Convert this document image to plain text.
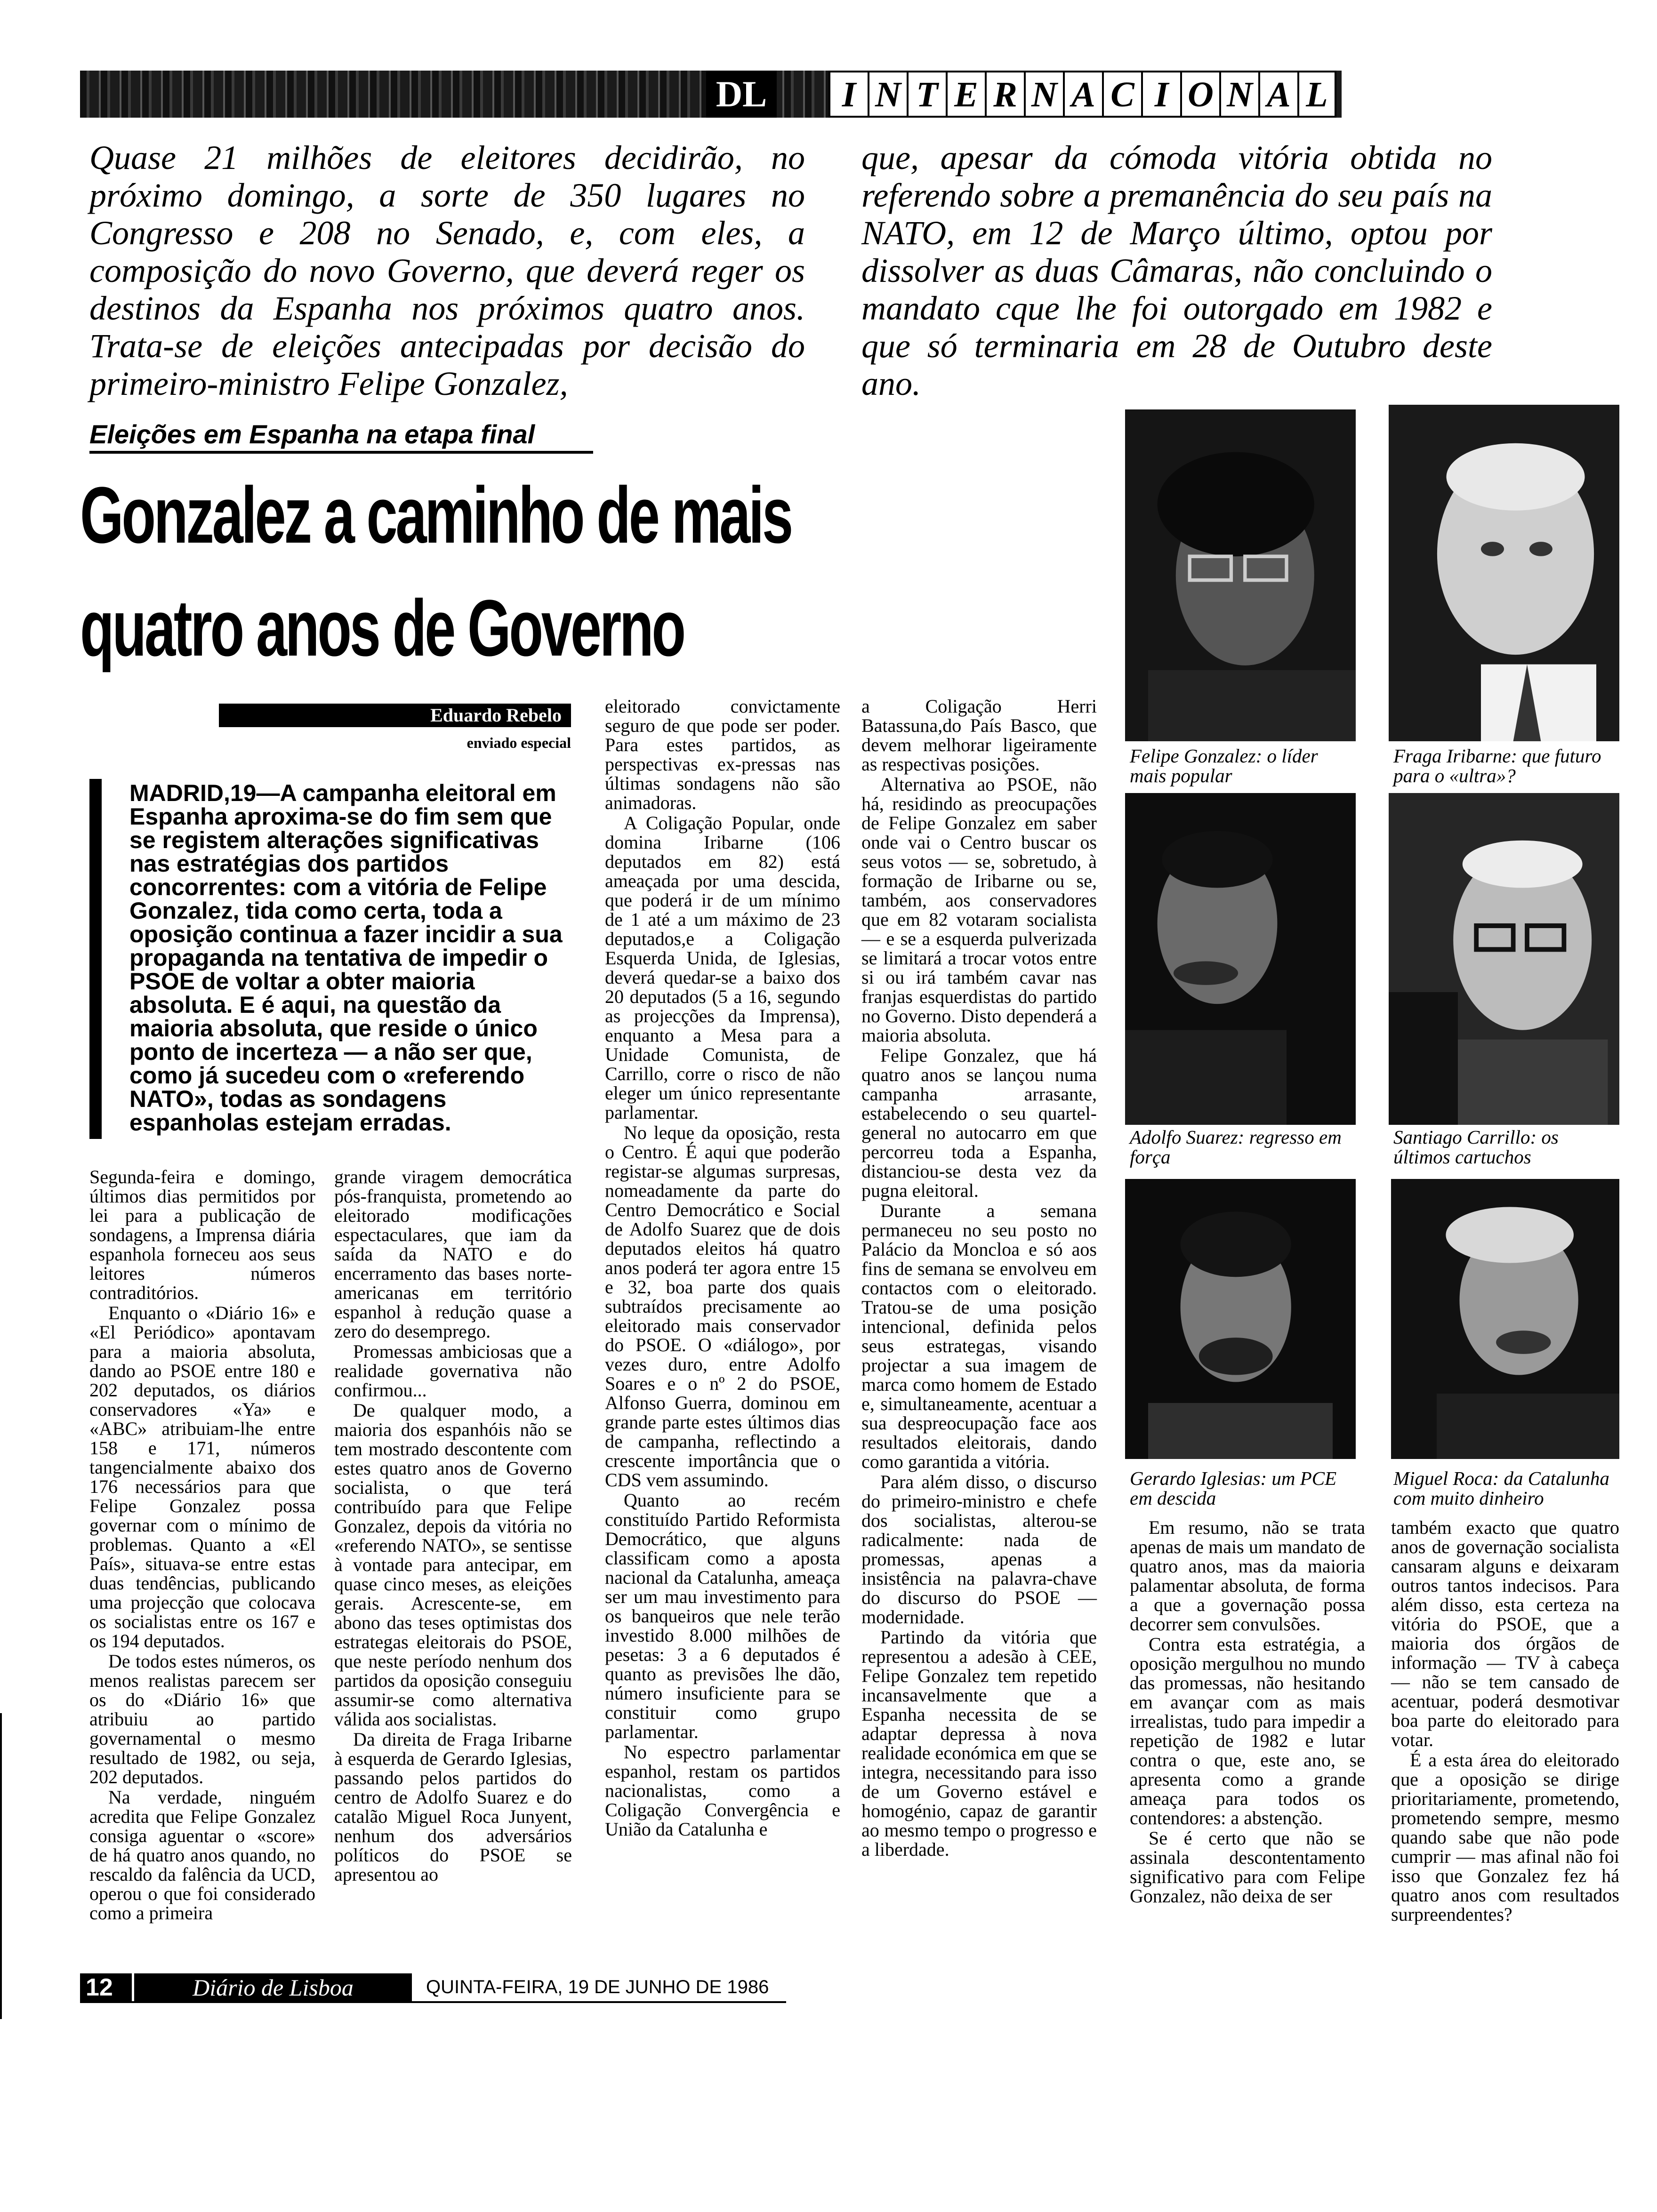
DL	I N T E R N A C I O N A L
Quase 21 milhões de eleitores decidirão, no próximo domingo, a sorte de 350 lugares no Congresso e 208 no Senado, e, com eles, a composição do novo Governo, que deverá reger os destinos da Espanha nos próximos quatro anos. Trata-se de eleições antecipadas por decisão do primeiro-ministro Felipe Gonzalez,
que, apesar da cómoda vitória obtida no referendo sobre a premanência do seu país na NATO, em 12 de Março último, optou por dissolver as duas Câmaras, não concluindo o mandato cque lhe foi outorgado em 1982 e que só terminaria em 28 de Outubro deste ano.
Eleições em Espanha na etapa final
Gonzalez a caminho de mais
quatro anos de Governo
Eduardo Rebelo
enviado especial
MADRID,19—A campanha eleitoral em Espanha aproxima-se do fim sem que se registem alterações significativas nas estratégias dos partidos concorrentes: com a vitória de Felipe Gonzalez, tida como certa, toda a oposição continua a fazer incidir a sua propaganda na tentativa de impedir o PSOE de voltar a obter maioria absoluta. E é aqui, na questão da maioria absoluta, que reside o único ponto de incerteza — a não ser que, como já sucedeu com o «referendo NATO», todas as sondagens espanholas estejam erradas.

Segunda-feira e domingo, últimos dias permitidos por lei para a publicação de sondagens, a Imprensa diária espanhola forneceu aos seus leitores números contraditórios.

Enquanto o «Diário 16» e «El Periódico» apontavam para a maioria absoluta, dando ao PSOE entre 180 e 202 deputados, os diários conservadores «Ya» e «ABC» atribuiam-lhe entre 158 e 171, números tangencialmente abaixo dos 176 necessários para que Felipe Gonzalez possa governar com o mínimo de problemas. Quanto a «El País», situava-se entre estas duas tendências, publicando uma projecção que colocava os socialistas entre os 167 e os 194 deputados.

De todos estes números, os menos realistas parecem ser os do «Diário 16» que atribuiu ao partido governamental o mesmo resultado de 1982, ou seja, 202 deputados.

Na verdade, ninguém acredita que Felipe Gonzalez consiga aguentar o «score» de há quatro anos quando, no rescaldo da falência da UCD, operou o que foi considerado como a primeira

grande viragem democrática pós-franquista, prometendo ao eleitorado modificações espectaculares, que iam da saída da NATO e do encerramento das bases norte-americanas em território espanhol à redução quase a zero do desemprego.

Promessas ambiciosas que a realidade governativa não confirmou...

De qualquer modo, a maioria dos espanhóis não se tem mostrado descontente com estes quatro anos de Governo socialista, o que terá contribuído para que Felipe Gonzalez, depois da vitória no «referendo NATO», se sentisse à vontade para antecipar, em quase cinco meses, as eleições gerais. Acrescente-se, em abono das teses optimistas dos estrategas eleitorais do PSOE, que neste período nenhum dos partidos da oposição conseguiu assumir-se como alternativa válida aos socialistas.

Da direita de Fraga Iribarne à esquerda de Gerardo Iglesias, passando pelos partidos do centro de Adolfo Suarez e do catalão Miguel Roca Junyent, nenhum dos adversários políticos do PSOE se apresentou ao

eleitorado convictamente seguro de que pode ser poder. Para estes partidos, as perspectivas ex-pressas nas últimas sondagens não são animadoras.

A Coligação Popular, onde domina Iribarne (106 deputados em 82) está ameaçada por uma descida, que poderá ir de um mínimo de 1 até a um máximo de 23 deputados,e a Coligação Esquerda Unida, de Iglesias, deverá quedar-se a baixo dos 20 deputados (5 a 16, segundo as projecções da Imprensa), enquanto a Mesa para a Unidade Comunista, de Carrillo, corre o risco de não eleger um único representante parlamentar.

No leque da oposição, resta o Centro. É aqui que poderão registar-se algumas surpresas, nomeadamente da parte do Centro Democrático e Social de Adolfo Suarez que de dois deputados eleitos há quatro anos poderá ter agora entre 15 e 32, boa parte dos quais subtraídos precisamente ao eleitorado mais conservador do PSOE. O «diálogo», por vezes duro, entre Adolfo Soares e o nº 2 do PSOE, Alfonso Guerra, dominou em grande parte estes últimos dias de campanha, reflectindo a crescente importância que o CDS vem assumindo.

Quanto ao recém constituído Partido Reformista Democrático, que alguns classificam como a aposta nacional da Catalunha, ameaça ser um mau investimento para os banqueiros que nele terão investido 8.000 milhões de pesetas: 3 a 6 deputados é quanto as previsões lhe dão, número insuficiente para se constituir como grupo parlamentar.

No espectro parlamentar espanhol, restam os partidos nacionalistas, como a Coligação Convergência e União da Catalunha e

a Coligação Herri Batassuna,do País Basco, que devem melhorar ligeiramente as respectivas posições.

Alternativa ao PSOE, não há, residindo as preocupações de Felipe Gonzalez em saber onde vai o Centro buscar os seus votos — se, sobretudo, à formação de Iribarne ou se, também, aos conservadores que em 82 votaram socialista — e se a esquerda pulverizada se limitará a trocar votos entre si ou irá também cavar nas franjas esquerdistas do partido no Governo. Disto dependerá a maioria absoluta.

Felipe Gonzalez, que há quatro anos se lançou numa campanha arrasante, estabelecendo o seu quartel-general no autocarro em que percorreu toda a Espanha, distanciou-se desta vez da pugna eleitoral.

Durante a semana permaneceu no seu posto no Palácio da Moncloa e só aos fins de semana se envolveu em contactos com o eleitorado. Tratou-se de uma posição intencional, definida pelos seus estrategas, visando projectar a sua imagem de marca como homem de Estado e, simultaneamente, acentuar a sua despreocupação face aos resultados eleitorais, dando como garantida a vitória.

Para além disso, o discurso do primeiro-ministro e chefe dos socialistas, alterou-se radicalmente: nada de promessas, apenas a insistência na palavra-chave do discurso do PSOE — modernidade.

Partindo da vitória que representou a adesão à CEE, Felipe Gonzalez tem repetido incansavelmente que a Espanha necessita de se adaptar depressa à nova realidade económica em que se integra, necessitando para isso de um Governo estável e homogénio, capaz de garantir ao mesmo tempo o progresso e a liberdade.

Em resumo, não se trata apenas de mais um mandato de quatro anos, mas da maioria palamentar absoluta, de forma a que a governação possa decorrer sem convulsões.

Contra esta estratégia, a oposição mergulhou no mundo das promessas, não hesitando em avançar com as mais irrealistas, tudo para impedir a repetição de 1982 e lutar contra o que, este ano, se apresenta como a grande ameaça para todos os contendores: a abstenção.

Se é certo que não se assinala descontentamento significativo para com Felipe Gonzalez, não deixa de ser

também exacto que quatro anos de governação socialista cansaram alguns e deixaram outros tantos indecisos. Para além disso, esta certeza na vitória do PSOE, que a maioria dos órgãos de informação — TV à cabeça — não se tem cansado de acentuar, poderá desmotivar boa parte do eleitorado para votar.

É a esta área do eleitorado que a oposição se dirige prioritariamente, prometendo, prometendo sempre, mesmo quando sabe que não pode cumprir — mas afinal não foi isso que Gonzalez fez há quatro anos com resultados surpreendentes?

Felipe Gonzalez: o líder mais popular
Fraga Iribarne: que futuro para o «ultra»?
Adolfo Suarez: regresso em força
Santiago Carrillo: os últimos cartuchos
Gerardo Iglesias: um PCE em descida
Miguel Roca: da Catalunha com muito dinheiro
12	Diário de Lisboa	QUINTA-FEIRA, 19 DE JUNHO DE 1986
